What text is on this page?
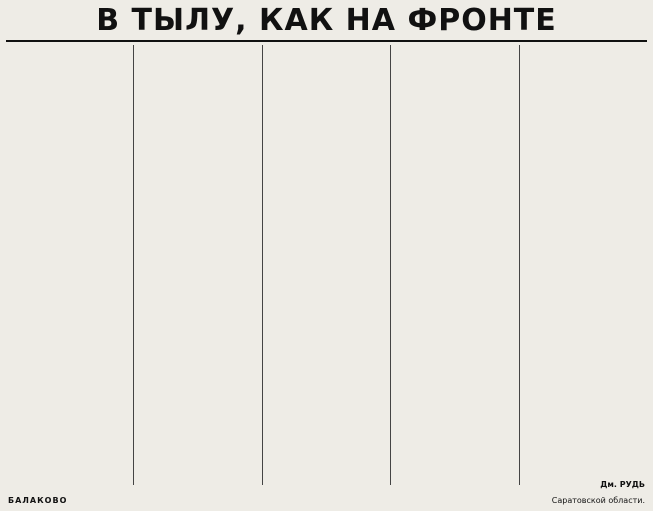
В ТЫЛУ, КАК НА ФРОНТЕ

Дм. РУДЬ
БАЛАКОВО	Саратовской области.
